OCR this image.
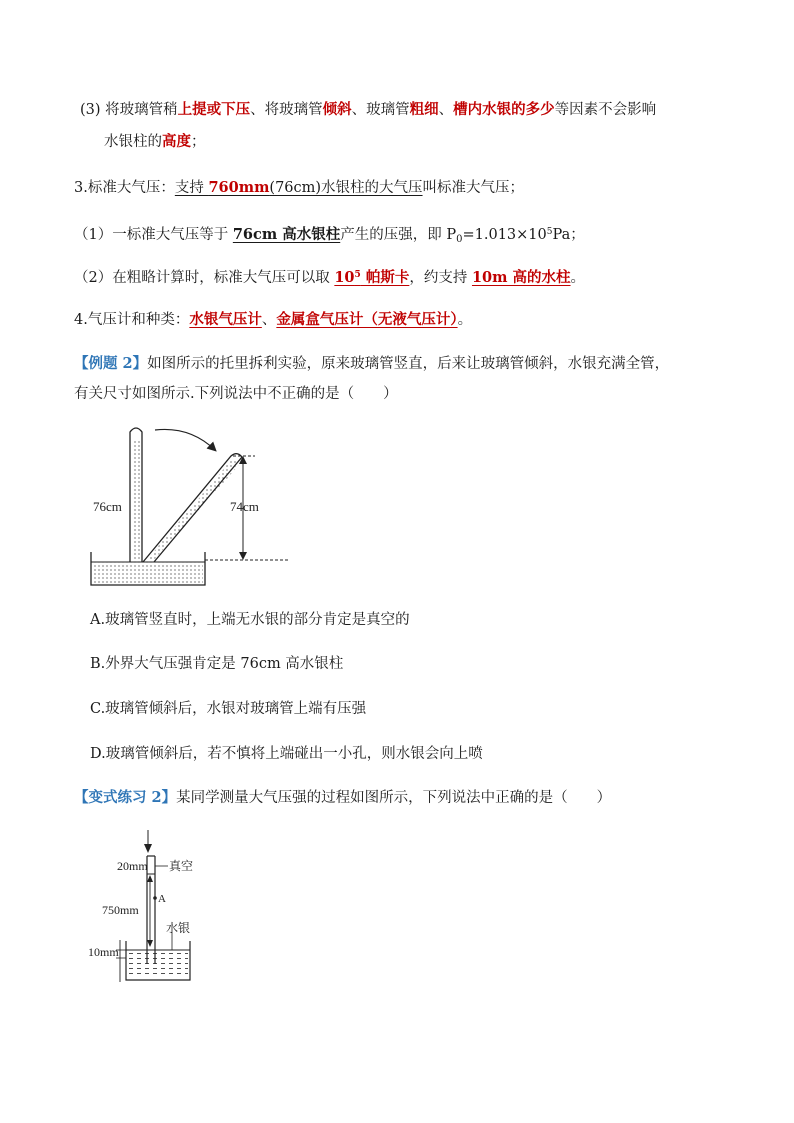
(3) 将玻璃管稍上提或下压、将玻璃管倾斜、玻璃管粗细、槽内水银的多少等因素不会影响
水银柱的高度；
3.标准大气压：支持 760mm(76cm)水银柱的大气压叫标准大气压；
（1）一标准大气压等于 76cm 高水银柱产生的压强，即 $P_0=1.013\times 10^5Pa$；
（2）在粗略计算时，标准大气压可以取 $10^5$ 帕斯卡，约支持 10m 高的水柱。
4.气压计和种类：水银气压计、金属盒气压计（无液气压计）。
【例题 2】如图所示的托里拆利实验，原来玻璃管竖直，后来让玻璃管倾斜，水银充满全管，
有关尺寸如图所示.下列说法中不正确的是（　　）
76cm	74cm
A.玻璃管竖直时，上端无水银的部分肯定是真空的
B.外界大气压强肯定是 76cm 高水银柱
C.玻璃管倾斜后，水银对玻璃管上端有压强
D.玻璃管倾斜后，若不慎将上端碰出一小孔，则水银会向上喷
【变式练习 2】某同学测量大气压强的过程如图所示，下列说法中正确的是（　　）
真空
20mm
A
750mm
水银
10mm
